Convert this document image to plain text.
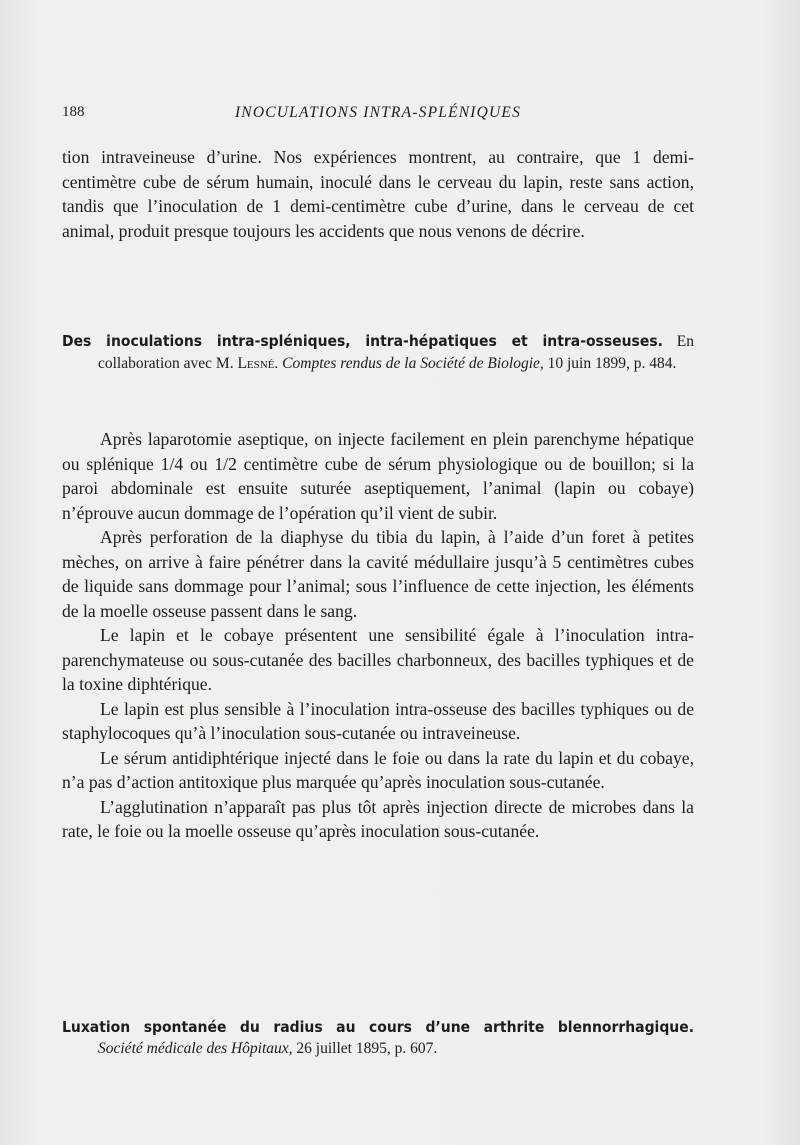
188	INOCULATIONS INTRA-SPLÉNIQUES

tion intraveineuse d’urine. Nos expériences montrent, au contraire, que 1 demi-centimètre cube de sérum humain, inoculé dans le cerveau du lapin, reste sans action, tandis que l’inoculation de 1 demi-centimètre cube d’urine, dans le cerveau de cet animal, produit presque toujours les accidents que nous venons de décrire.

Des inoculations intra-spléniques, intra-hépatiques et intra-osseuses. En collaboration avec M. Lesné. Comptes rendus de la Société de Biologie, 10 juin 1899, p. 484.

Après laparotomie aseptique, on injecte facilement en plein parenchyme hépatique ou splénique 1/4 ou 1/2 centimètre cube de sérum physiologique ou de bouillon; si la paroi abdominale est ensuite suturée aseptiquement, l’animal (lapin ou cobaye) n’éprouve aucun dommage de l’opération qu’il vient de subir.

Après perforation de la diaphyse du tibia du lapin, à l’aide d’un foret à petites mèches, on arrive à faire pénétrer dans la cavité médullaire jusqu’à 5 centimètres cubes de liquide sans dommage pour l’animal; sous l’influence de cette injection, les éléments de la moelle osseuse passent dans le sang.

Le lapin et le cobaye présentent une sensibilité égale à l’inoculation intra-parenchymateuse ou sous-cutanée des bacilles charbonneux, des bacilles typhiques et de la toxine diphtérique.

Le lapin est plus sensible à l’inoculation intra-osseuse des bacilles typhiques ou de staphylocoques qu’à l’inoculation sous-cutanée ou intraveineuse.

Le sérum antidiphtérique injecté dans le foie ou dans la rate du lapin et du cobaye, n’a pas d’action antitoxique plus marquée qu’après inoculation sous-cutanée.

L’agglutination n’apparaît pas plus tôt après injection directe de microbes dans la rate, le foie ou la moelle osseuse qu’après inoculation sous-cutanée.

Luxation spontanée du radius au cours d’une arthrite blennorrhagique.
Société médicale des Hôpitaux, 26 juillet 1895, p. 607.
